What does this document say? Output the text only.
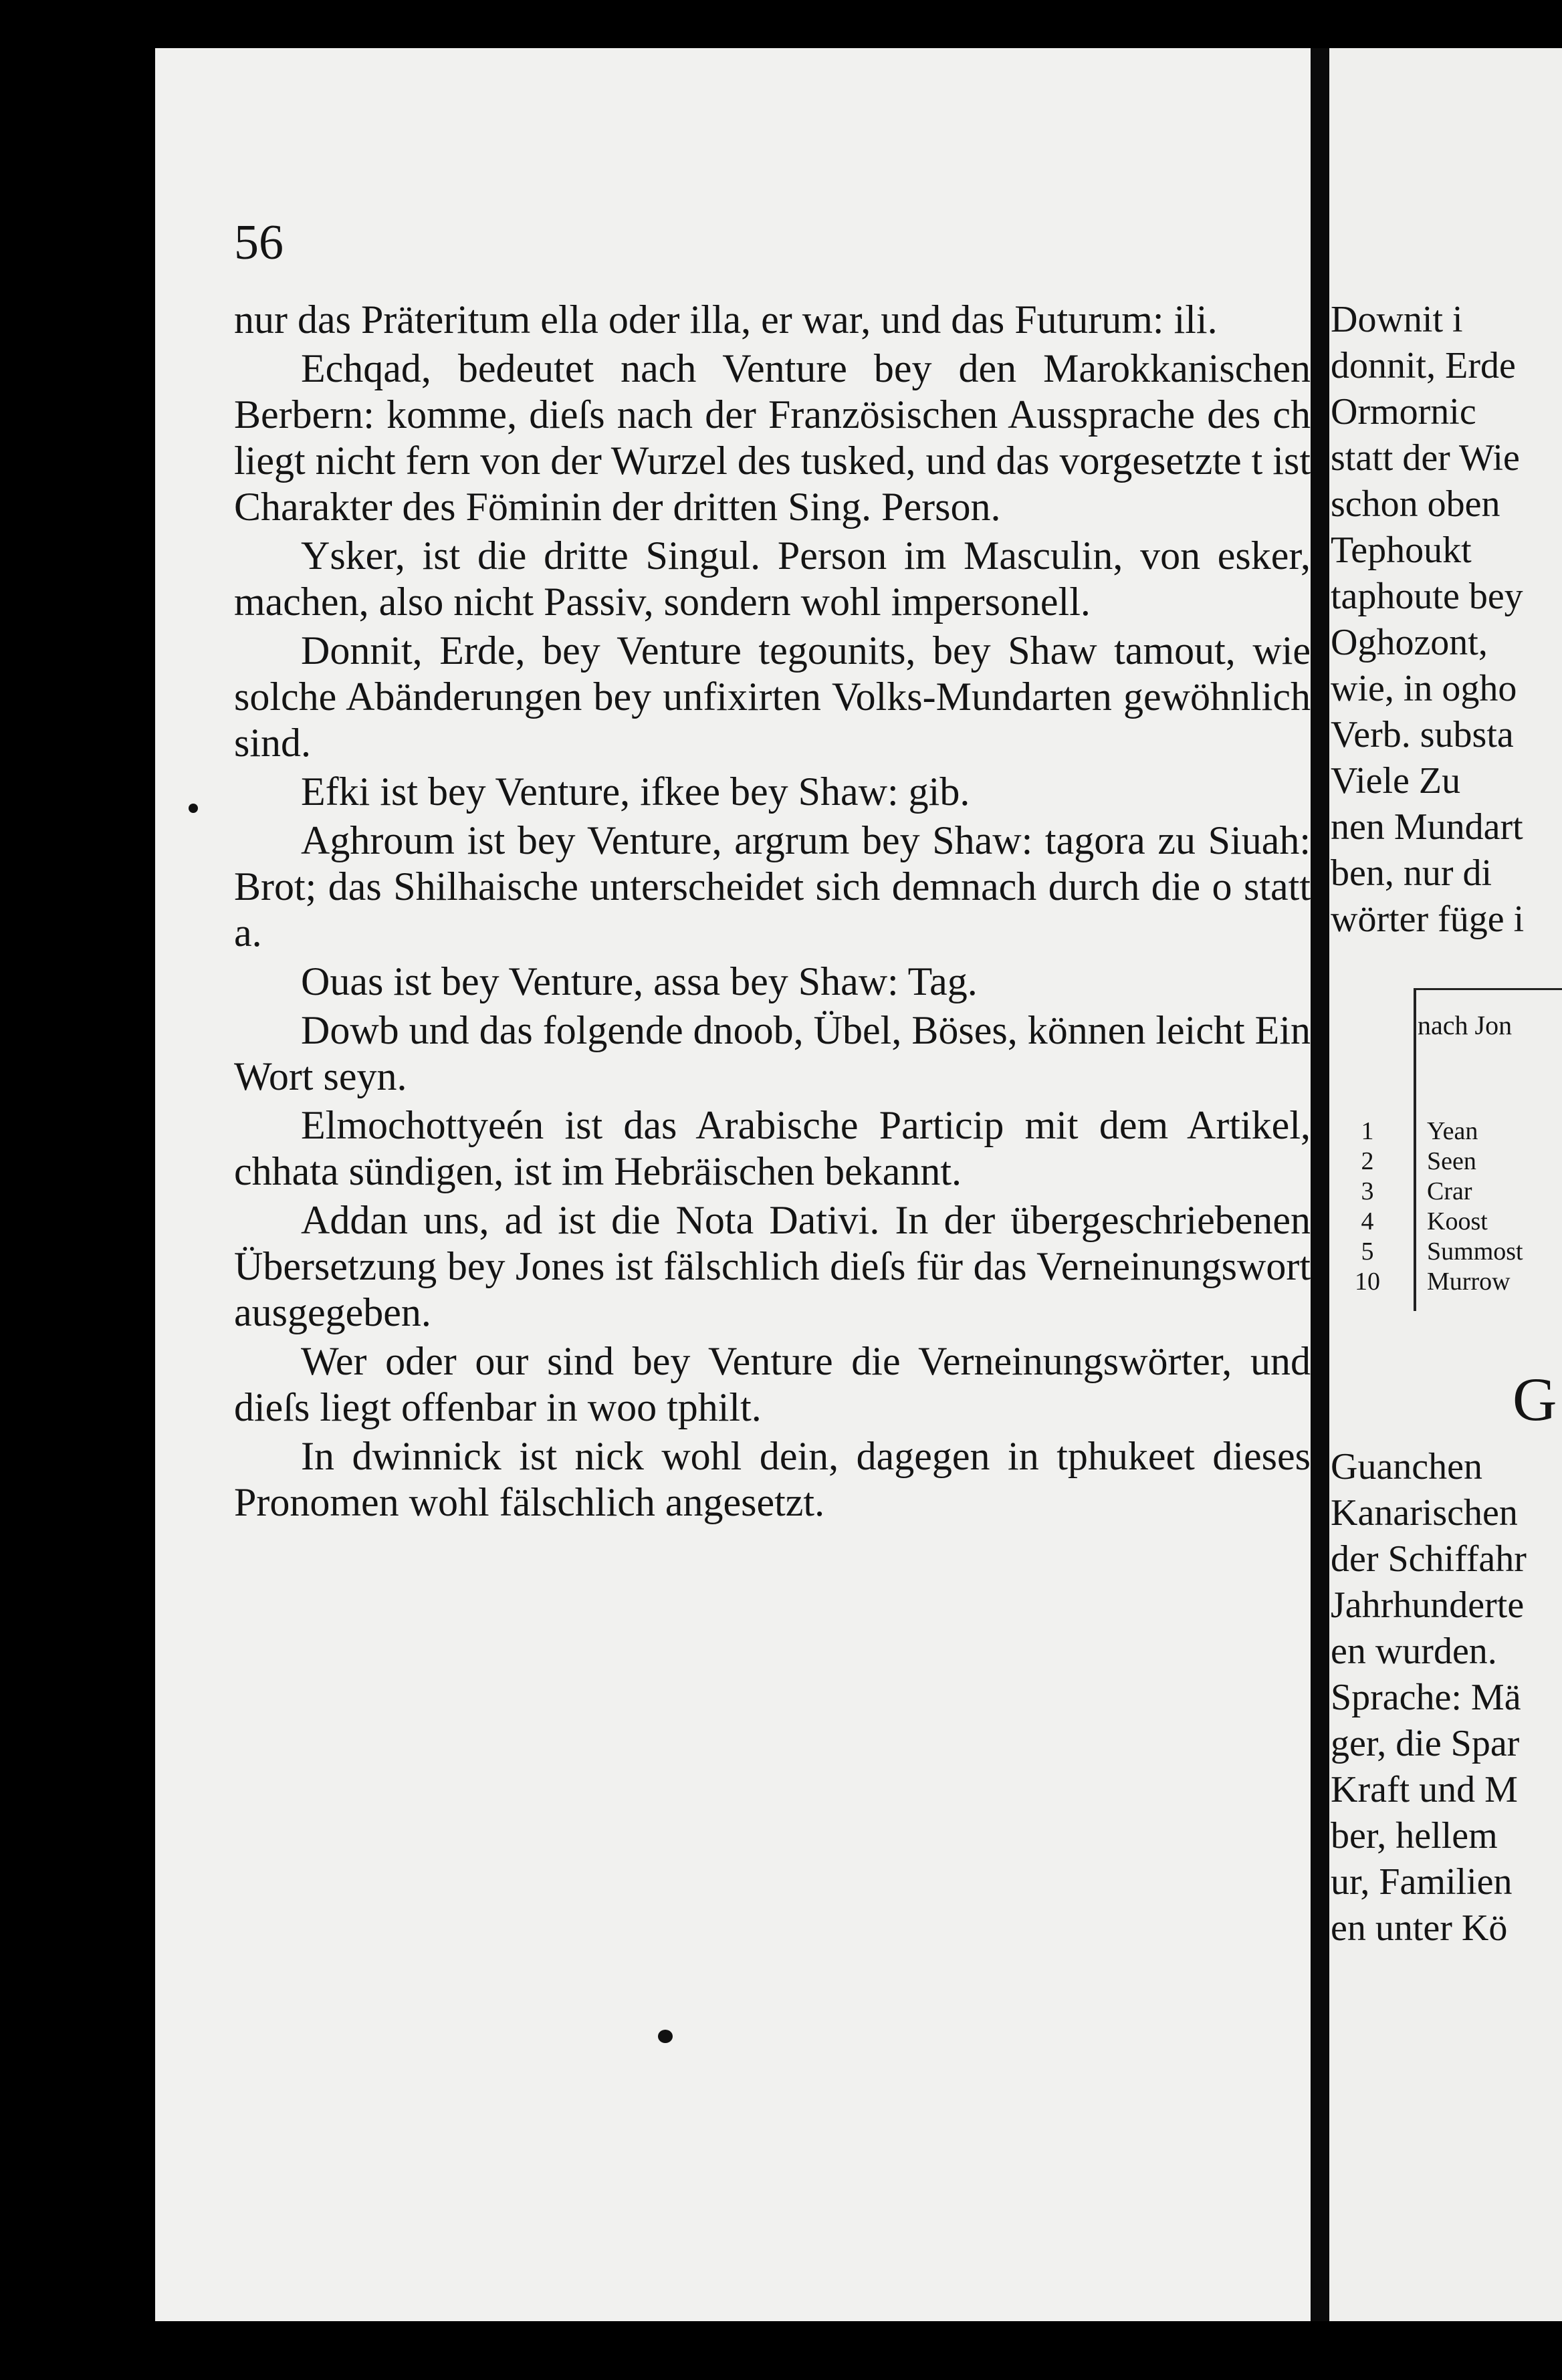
56

nur das Präteritum ella oder illa, er war, und das Futurum: ili.

Echqad, bedeutet nach Venture bey den Marokkanischen Berbern: komme, dieſs nach der Französischen Aussprache des ch liegt nicht fern von der Wurzel des tusked, und das vorgesetzte t ist Charakter des Föminin der dritten Sing. Person.

Ysker, ist die dritte Singul. Person im Masculin, von esker, machen, also nicht Passiv, sondern wohl impersonell.

Donnit, Erde, bey Venture tegounits, bey Shaw tamout, wie solche Abänderungen bey unfixirten Volks-Mundarten gewöhnlich sind.

Efki ist bey Venture, ifkee bey Shaw: gib.

Aghroum ist bey Venture, argrum bey Shaw: tagora zu Siuah: Brot; das Shilhaische unterscheidet sich demnach durch die o statt a.

Ouas ist bey Venture, assa bey Shaw: Tag.

Dowb und das folgende dnoob, Übel, Böses, können leicht Ein Wort seyn.

Elmochottyeén ist das Arabische Particip mit dem Artikel, chhata sündigen, ist im Hebräischen bekannt.

Addan uns, ad ist die Nota Dativi. In der übergeschriebenen Übersetzung bey Jones ist fälschlich dieſs für das Verneinungswort ausgegeben.

Wer oder our sind bey Venture die Verneinungswörter, und dieſs liegt offenbar in woo tphilt.

In dwinnick ist nick wohl dein, dagegen in tphukeet dieses Pronomen wohl fälschlich angesetzt.

Downit i
donnit, Erde
Ormornic
statt der Wie
schon oben
Tephoukt
taphoute bey
Oghozont,
wie, in ogho
Verb. substa
Viele Zu
nen Mundart
ben, nur di
wörter füge i
nach Jon
1
2
3
4
5
10
Yean
Seen
Crar
Koost
Summost
Murrow
G
Guanchen
Kanarischen
der Schiffahr
Jahrhunderte
en wurden.
Sprache: Mä
ger, die Spar
Kraft und M
ber, hellem
ur, Familien
en unter Kö
